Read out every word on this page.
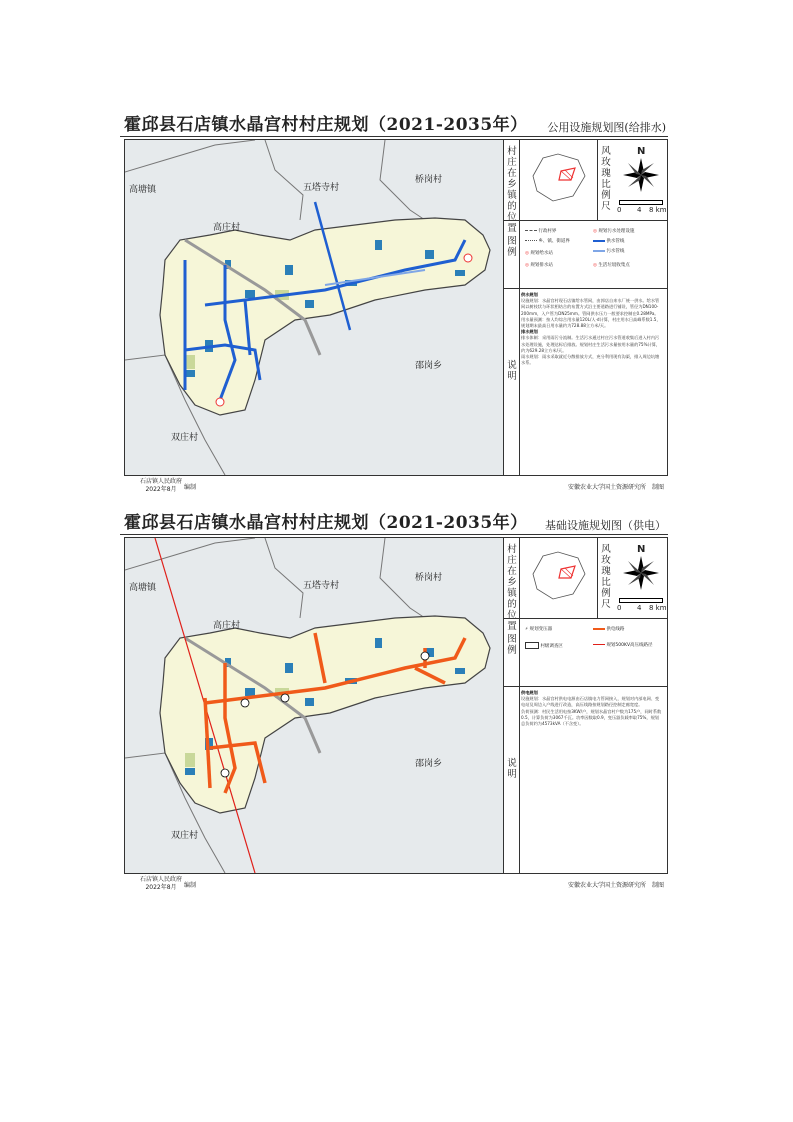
霍邱县石店镇水晶宫村村庄规划（2021-2035年） 公用设施规划图(给排水)
五塔寺村
桥岗村
高塘镇
高庄村
邵岗乡
双庄村
村庄在乡镇的位置
风玫瑰比例尺
N
0 4 8 km
图例
行政村界
乡、镇、街道界
◎ 规划给水站
◎ 规划排水站
◎ 规划污水处理设施
供水管线
污水管线
◎ 生活垃圾收集点
说明
供水规划
设施规划：水晶宫村现石店镇给水管网，由郭店自来水厂统一供水。给水管网以树枝状与环状相结合的布置方式沿主要道路进行铺设，管径为DN100-200mm，入户管为DN25mm。管网供水压力一般要求控制在0.28MPa。
用水量预测：按人均综合用水量120L/人·d计算，村庄用水日高峰系数1.5，规划期末最高日用水量约为728.88立方米/天。
排水规划
排水体制：采用雨污分流制。生活污水通过村庄污水管道收集后进入村内污水处理设施，处理达标后排放。规划村庄生活污水量按用水量的75%计算，约为629.28立方米/天。
雨水规划：雨水采取就近分散排放方式，充分利用现有沟渠，排入周边坑塘水系。
石店镇人民政府
2022年8月	编制	安徽农业大学国土资源研究所　制图
霍邱县石店镇水晶宫村村庄规划（2021-2035年） 基础设施规划图（供电）
五塔寺村
桥岗村
高塘镇
高庄村
邵岗乡
双庄村
村庄在乡镇的位置
风玫瑰比例尺
N
0 4 8 km
图例
⚡ 规划变压器
村级调查区
供电线路
规划500KV高压线路径
说明
供电规划
设施规划：水晶宫村供电电源由石店镇电力管网接入，规划对内部电网、变电站及周边入户线进行改造，高压线路按规划路径控制走廊宽度。
负荷预测：村民生活用电按3KW/户，规划水晶宫村户数为175户，同时系数0.5，计算负荷为3067千瓦。功率因数取0.9，变压器负载率取75%，规划总负荷约为4573kVA（不含变）。
石店镇人民政府
2022年8月	编制	安徽农业大学国土资源研究所　制图
